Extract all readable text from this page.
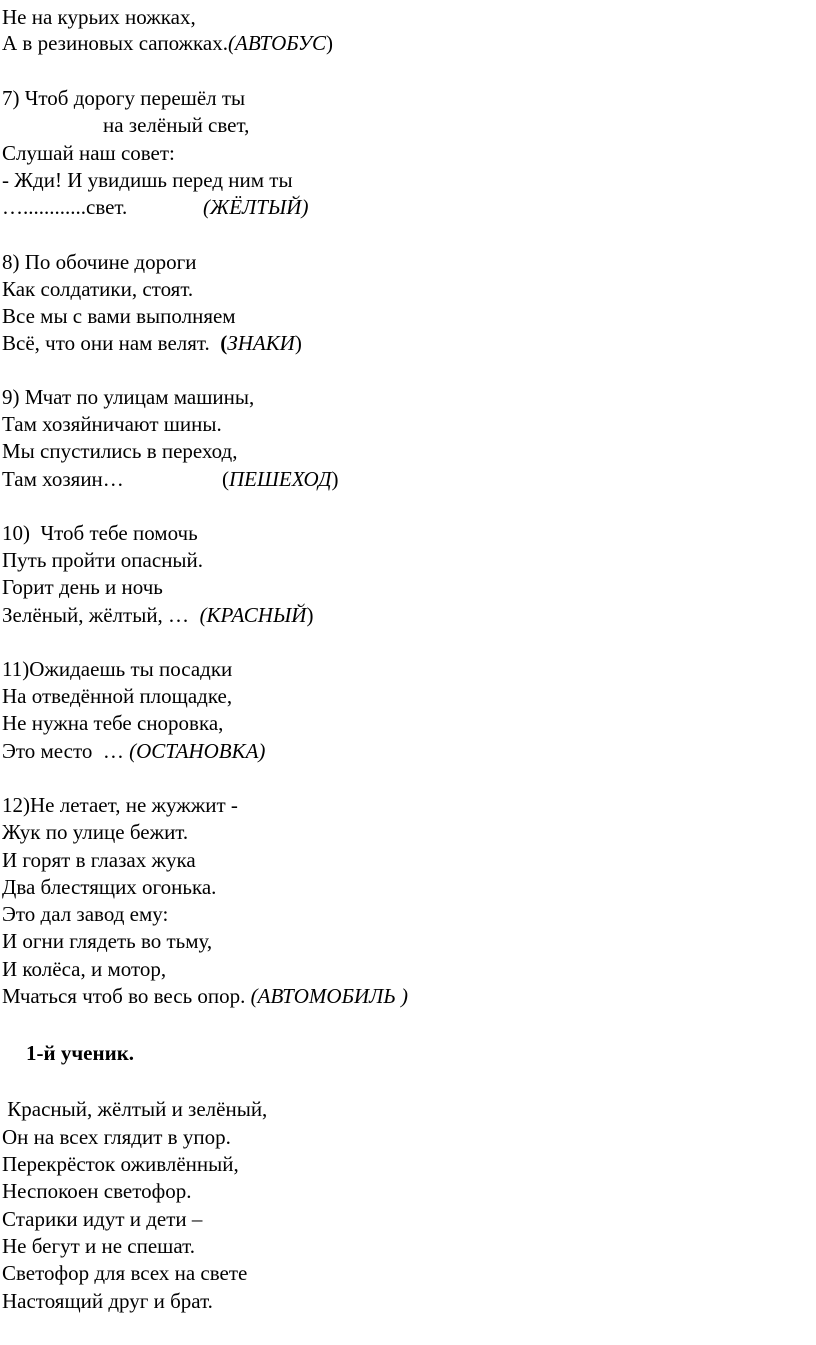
Не на курьих ножках,
А в резиновых сапожках.(АВТОБУС)
7) Чтоб дорогу перешёл ты
на зелёный свет,
Слушай наш совет:
- Жди! И увидишь перед ним ты
…............свет.	(ЖЁЛТЫЙ)
8) По обочине дороги
Как солдатики, стоят.
Все мы с вами выполняем
Всё, что они нам велят. (ЗНАКИ)
9) Мчат по улицам машины,
Там хозяйничают шины.
Мы спустились в переход,
Там хозяин…	(ПЕШЕХОД)
10)  Чтоб тебе помочь
Путь пройти опасный.
Горит день и ночь
Зелёный, жёлтый, … (КРАСНЫЙ)
11)Ожидаешь ты посадки
На отведённой площадке,
Не нужна тебе сноровка,
Это место  … (ОСТАНОВКА)
12)Не летает, не жужжит -
Жук по улице бежит.
И горят в глазах жука
Два блестящих огонька.
Это дал завод ему:
И огни глядеть во тьму,
И колёса, и мотор,
Мчаться чтоб во весь опор. (АВТОМОБИЛЬ )
1-й ученик.
Красный, жёлтый и зелёный,
Он на всех глядит в упор.
Перекрёсток оживлённый,
Неспокоен светофор.
Старики идут и дети –
Не бегут и не спешат.
Светофор для всех на свете
Настоящий друг и брат.
